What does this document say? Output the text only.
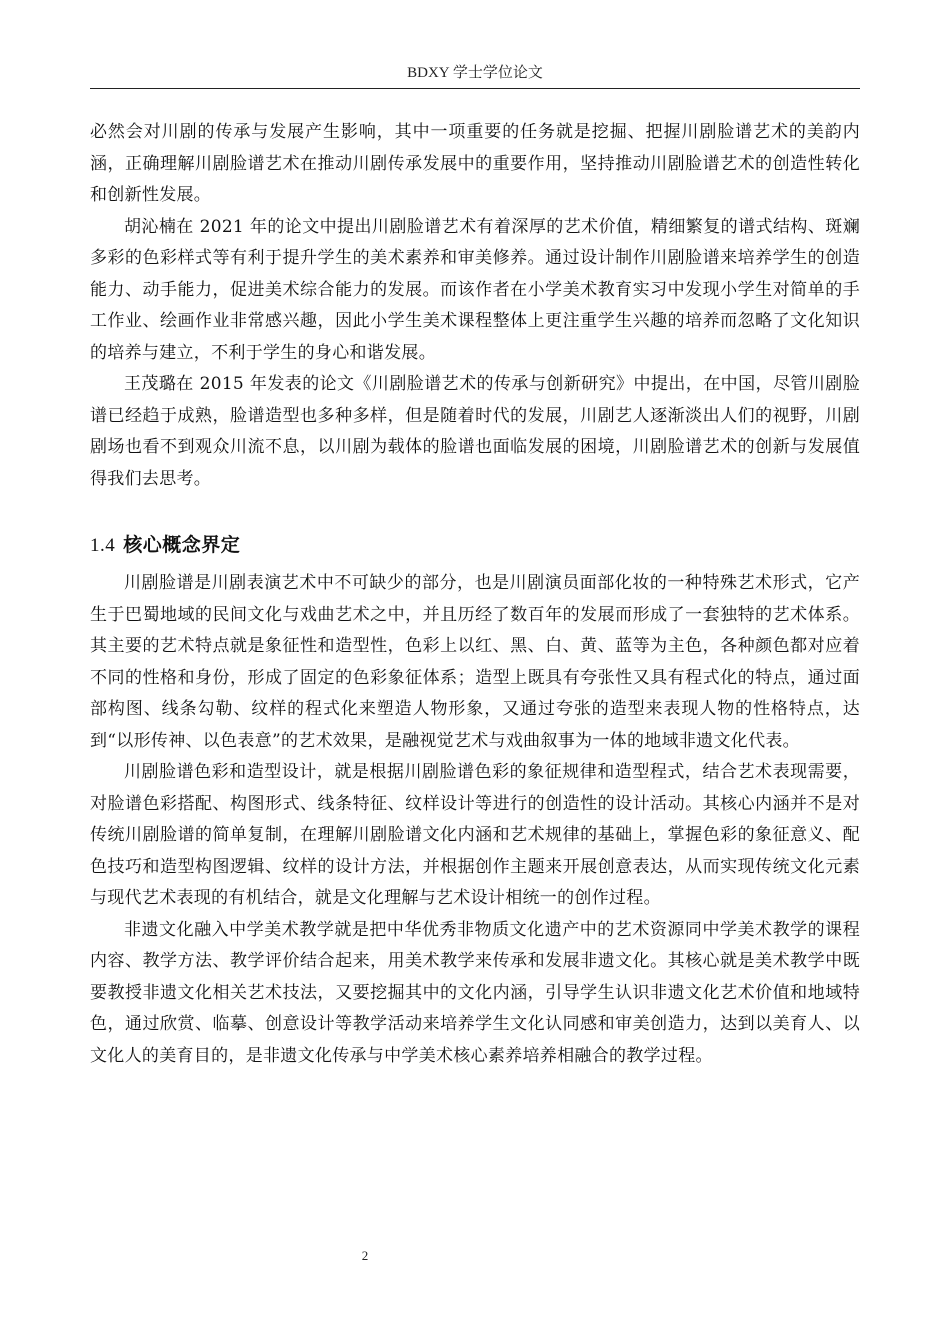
BDXY 学士学位论文

必然会对川剧的传承与发展产生影响，其中一项重要的任务就是挖掘、把握川剧脸谱艺术的美韵内涵，正确理解川剧脸谱艺术在推动川剧传承发展中的重要作用，坚持推动川剧脸谱艺术的创造性转化和创新性发展。

胡沁楠在 2021 年的论文中提出川剧脸谱艺术有着深厚的艺术价值，精细繁复的谱式结构、斑斓多彩的色彩样式等有利于提升学生的美术素养和审美修养。通过设计制作川剧脸谱来培养学生的创造能力、动手能力，促进美术综合能力的发展。而该作者在小学美术教育实习中发现小学生对简单的手工作业、绘画作业非常感兴趣，因此小学生美术课程整体上更注重学生兴趣的培养而忽略了文化知识的培养与建立，不利于学生的身心和谐发展。

王茂璐在 2015 年发表的论文《川剧脸谱艺术的传承与创新研究》中提出，在中国，尽管川剧脸谱已经趋于成熟，脸谱造型也多种多样，但是随着时代的发展，川剧艺人逐渐淡出人们的视野，川剧剧场也看不到观众川流不息，以川剧为载体的脸谱也面临发展的困境，川剧脸谱艺术的创新与发展值得我们去思考。

1.4 核心概念界定

川剧脸谱是川剧表演艺术中不可缺少的部分，也是川剧演员面部化妆的一种特殊艺术形式，它产生于巴蜀地域的民间文化与戏曲艺术之中，并且历经了数百年的发展而形成了一套独特的艺术体系。其主要的艺术特点就是象征性和造型性，色彩上以红、黑、白、黄、蓝等为主色，各种颜色都对应着不同的性格和身份，形成了固定的色彩象征体系；造型上既具有夸张性又具有程式化的特点，通过面部构图、线条勾勒、纹样的程式化来塑造人物形象，又通过夸张的造型来表现人物的性格特点，达到“以形传神、以色表意”的艺术效果，是融视觉艺术与戏曲叙事为一体的地域非遗文化代表。

川剧脸谱色彩和造型设计，就是根据川剧脸谱色彩的象征规律和造型程式，结合艺术表现需要，对脸谱色彩搭配、构图形式、线条特征、纹样设计等进行的创造性的设计活动。其核心内涵并不是对传统川剧脸谱的简单复制，在理解川剧脸谱文化内涵和艺术规律的基础上，掌握色彩的象征意义、配色技巧和造型构图逻辑、纹样的设计方法，并根据创作主题来开展创意表达，从而实现传统文化元素与现代艺术表现的有机结合，就是文化理解与艺术设计相统一的创作过程。

非遗文化融入中学美术教学就是把中华优秀非物质文化遗产中的艺术资源同中学美术教学的课程内容、教学方法、教学评价结合起来，用美术教学来传承和发展非遗文化。其核心就是美术教学中既要教授非遗文化相关艺术技法，又要挖掘其中的文化内涵，引导学生认识非遗文化艺术价值和地域特色，通过欣赏、临摹、创意设计等教学活动来培养学生文化认同感和审美创造力，达到以美育人、以文化人的美育目的，是非遗文化传承与中学美术核心素养培养相融合的教学过程。

2
